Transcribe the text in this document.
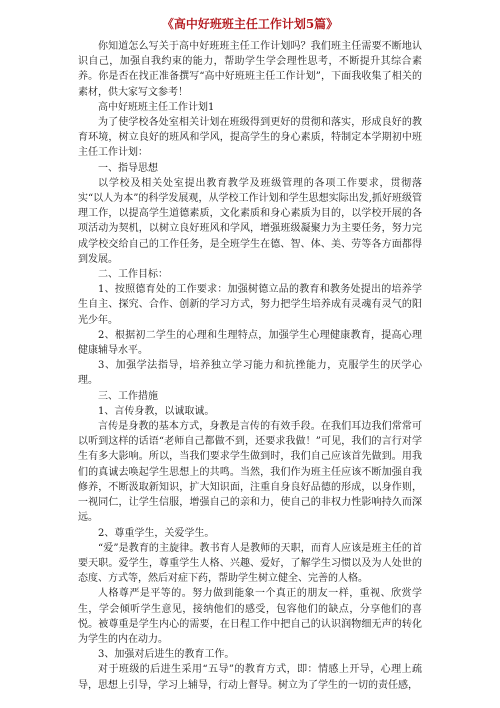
《高中好班班主任工作计划5篇》

你知道怎么写关于高中好班班主任工作计划吗？我们班主任需要不断地认识自己，加强自我约束的能力，帮助学生学会理性思考，不断提升其综合素养。你是否在找正准备撰写“高中好班班主任工作计划”，下面我收集了相关的素材，供大家写文参考！

高中好班班主任工作计划1

为了使学校各处室相关计划在班级得到更好的贯彻和落实，形成良好的教育环境，树立良好的班风和学风，提高学生的身心素质，特制定本学期初中班主任工作计划：

一、指导思想

以学校及相关处室提出教育教学及班级管理的各项工作要求，贯彻落实“以人为本”的科学发展观，从学校工作计划和学生思想实际出发,抓好班级管理工作，以提高学生道德素质，文化素质和身心素质为目的，以学校开展的各项活动为契机，以树立良好班风和学风，增强班级凝聚力为主要任务，努力完成学校交给自己的工作任务，是全班学生在德、智、体、美、劳等各方面都得到发展。

二、工作目标：

1、按照德育处的工作要求：加强树德立品的教育和教务处提出的培养学生自主、探究、合作、创新的学习方式，努力把学生培养成有灵魂有灵气的阳光少年。

2、根据初二学生的心理和生理特点，加强学生心理健康教育，提高心理健康辅导水平。

3、加强学法指导，培养独立学习能力和抗挫能力，克服学生的厌学心理。

三、工作措施

1、言传身教，以诚取诚。

言传是身教的基本方式，身教是言传的有效手段。在我们耳边我们常常可以听到这样的话语“老师自己都做不到，还要求我做！”可见，我们的言行对学生有多大影响。所以，当我们要求学生做到时，我们自己应该首先做到。用我们的真诚去唤起学生思想上的共鸣。当然，我们作为班主任应该不断加强自我修养，不断汲取新知识，扩大知识面，注重自身良好品德的形成，以身作则，一视同仁，让学生信服，增强自己的亲和力，使自己的非权力性影响持久而深远。

2、尊重学生，关爱学生。

“爱”是教育的主旋律。教书育人是教师的天职，而育人应该是班主任的首要天职。爱学生，尊重学生人格、兴趣、爱好，了解学生习惯以及为人处世的态度、方式等，然后对症下药，帮助学生树立健全、完善的人格。

人格尊严是平等的。努力做到能象一个真正的朋友一样，重视、欣赏学生，学会倾听学生意见，接纳他们的感受，包容他们的缺点，分享他们的喜悦。被尊重是学生内心的需要，在日程工作中把自己的认识润物细无声的转化为学生的内在动力。

3、加强对后进生的教育工作。

对于班级的后进生采用“五导”的教育方式，即：情感上开导，心理上疏导，思想上引导，学习上辅导，行动上督导。树立为了学生的一切的责任感，
